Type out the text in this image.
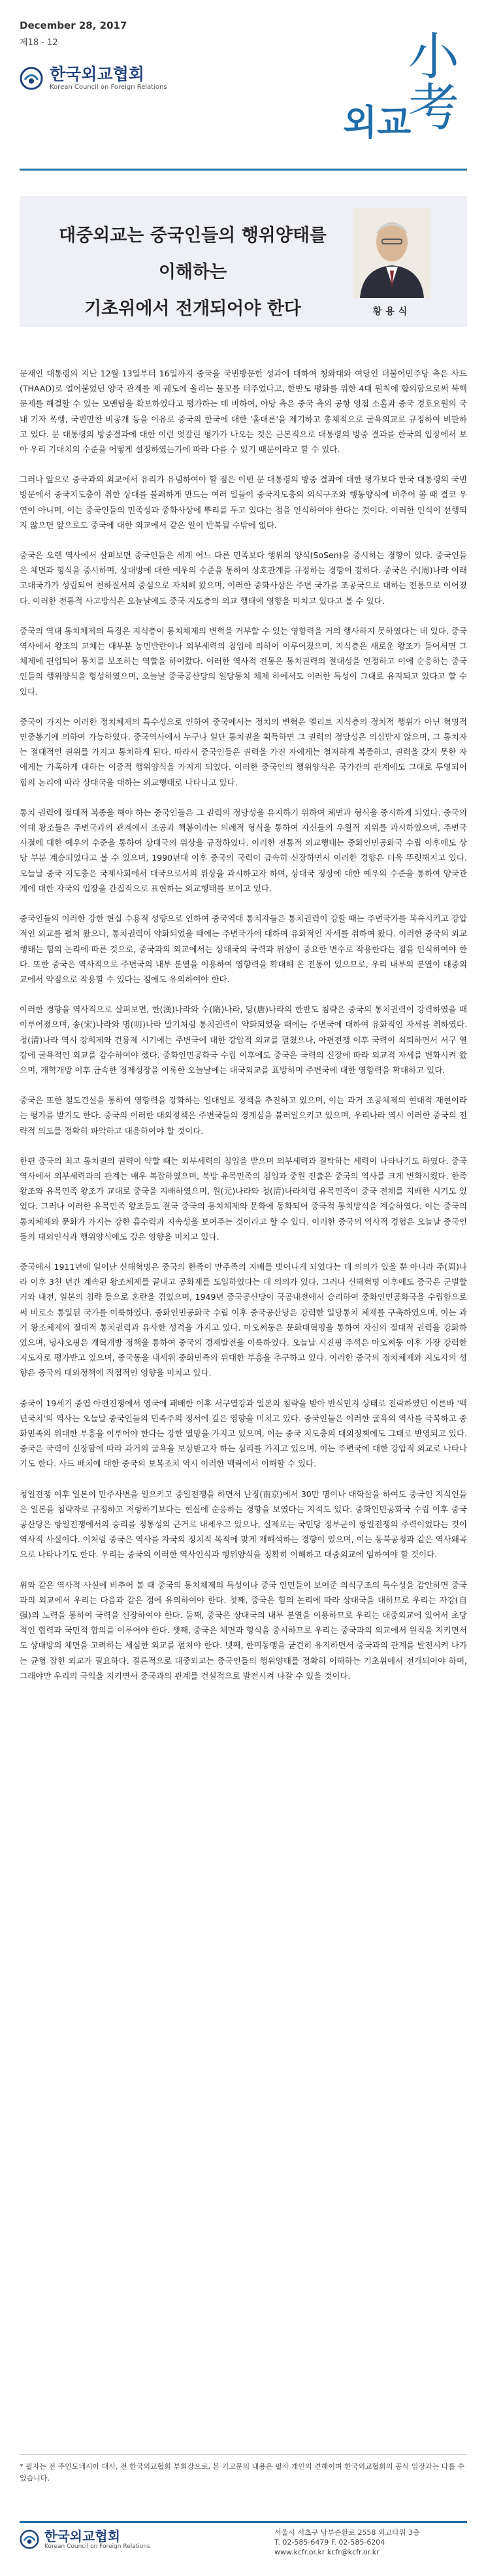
December 28, 2017
제18 - 12
한국외교협회
Korean Council on Foreign Relations
외교
小考
대중외교는 중국인들의 행위양태를 이해하는
기초위에서 전개되어야 한다	황용식

문재인 대통령의 지난 12월 13일부터 16일까지 중국을 국빈방문한 성과에 대하여 청와대와 여당인 더불어민주당 측은 사드(THAAD)로 얼어붙었던 양국 관계를 제 궤도에 올리는 물꼬를 터주었다고, 한반도 평화를 위한 4대 원칙에 합의함으로써 북핵 문제를 해결할 수 있는 모멘텀을 확보하였다고 평가하는 데 비하여, 야당 측은 중국 측의 공항 영접 소홀과 중국 경호요원의 국내 기자 폭행, 국빈만찬 비공개 등을 이유로 중국의 한국에 대한 '홀대론'을 제기하고 총체적으로 굴욕외교로 규정하여 비판하고 있다. 문 대통령의 방중결과에 대한 이런 엇갈린 평가가 나오는 것은 근본적으로 대통령의 방중 결과를 한국의 입장에서 보아 우리 기대치의 수준을 어떻게 설정하였는가에 따라 다를 수 있기 때문이라고 할 수 있다.

그러나 앞으로 중국과의 외교에서 유리가 유념하여야 할 점은 이번 문 대통령의 방중 결과에 대한 평가보다 한국 대통령의 국빈방문에서 중국지도층이 취한 상대를 불쾌하게 만드는 여러 일들이 중국지도층의 의식구조와 행동양식에 비추어 볼 때 결코 우연이 아니며, 이는 중국인들의 민족성과 중화사상에 뿌리를 두고 있다는 점을 인식하여야 한다는 것이다. 이러한 인식이 선행되지 않으면 앞으로도 중국에 대한 외교에서 같은 일이 반복될 수밖에 없다.

중국은 오랜 역사에서 살펴보면 중국인들은 세계 어느 다른 민족보다 행위의 양식(SoSen)을 중시하는 경향이 있다. 중국인들은 체면과 형식을 중시하며, 상대방에 대한 예우의 수준을 통하여 상호관계를 규정하는 경향이 강하다. 중국은 주(周)나라 이래 고대국가가 성립되어 천하질서의 중심으로 자처해 왔으며, 이러한 중화사상은 주변 국가를 조공국으로 대하는 전통으로 이어졌다. 이러한 전통적 사고방식은 오늘날에도 중국 지도층의 외교 행태에 영향을 미치고 있다고 볼 수 있다.

중국의 역대 통치체제의 특징은 지식층이 통치체제의 변혁을 거부할 수 있는 영향력을 거의 행사하지 못하였다는 데 있다. 중국역사에서 왕조의 교체는 대부분 농민반란이나 외부세력의 침입에 의하여 이루어졌으며, 지식층은 새로운 왕조가 들어서면 그 체제에 편입되어 통치를 보조하는 역할을 하여왔다. 이러한 역사적 전통은 통치권력의 절대성을 인정하고 이에 순응하는 중국인들의 행위양식을 형성하였으며, 오늘날 중국공산당의 일당통치 체제 하에서도 이러한 특성이 그대로 유지되고 있다고 할 수 있다.

중국이 가지는 이러한 정치체제의 특수성으로 인하여 중국에서는 정치의 변혁은 엘리트 지식층의 정치적 행위가 아닌 혁명적 민중봉기에 의하여 가능하였다. 중국역사에서 누구나 일단 통치권을 획득하면 그 권력의 정당성은 의심받지 않으며, 그 통치자는 절대적인 권위를 가지고 통치하게 된다. 따라서 중국인들은 권력을 가진 자에게는 철저하게 복종하고, 권력을 갖지 못한 자에게는 가혹하게 대하는 이중적 행위양식을 가지게 되었다. 이러한 중국인의 행위양식은 국가간의 관계에도 그대로 투영되어 힘의 논리에 따라 상대국을 대하는 외교행태로 나타나고 있다.

통치 권력에 절대적 복종을 해야 하는 중국인들은 그 권력의 정당성을 유지하기 위하여 체면과 형식을 중시하게 되었다. 중국의 역대 왕조들은 주변국과의 관계에서 조공과 책봉이라는 의례적 형식을 통하여 자신들의 우월적 지위를 과시하였으며, 주변국 사절에 대한 예우의 수준을 통하여 상대국의 위상을 규정하였다. 이러한 전통적 외교행태는 중화인민공화국 수립 이후에도 상당 부분 계승되었다고 볼 수 있으며, 1990년대 이후 중국의 국력이 급속히 신장하면서 이러한 경향은 더욱 뚜렷해지고 있다. 오늘날 중국 지도층은 국제사회에서 대국으로서의 위상을 과시하고자 하며, 상대국 정상에 대한 예우의 수준을 통하여 양국관계에 대한 자국의 입장을 간접적으로 표현하는 외교행태를 보이고 있다.

중국인들의 이러한 강한 현실 수용적 성향으로 인하여 중국역대 통치자들은 통치권력이 강할 때는 주변국가를 복속시키고 강압적인 외교를 펼쳐 왔으나, 통치권력이 약화되었을 때에는 주변국가에 대하여 유화적인 자세를 취하여 왔다. 이러한 중국의 외교행태는 힘의 논리에 따른 것으로, 중국과의 외교에서는 상대국의 국력과 위상이 중요한 변수로 작용한다는 점을 인식하여야 한다. 또한 중국은 역사적으로 주변국의 내부 분열을 이용하여 영향력을 확대해 온 전통이 있으므로, 우리 내부의 분열이 대중외교에서 약점으로 작용할 수 있다는 점에도 유의하여야 한다.

이러한 경향을 역사적으로 살펴보면, 한(漢)나라와 수(隋)나라, 당(唐)나라의 한반도 침략은 중국의 통치권력이 강력하였을 때 이루어졌으며, 송(宋)나라와 명(明)나라 말기처럼 통치권력이 약화되었을 때에는 주변국에 대하여 유화적인 자세를 취하였다. 청(淸)나라 역시 강희제와 건륭제 시기에는 주변국에 대한 강압적 외교를 펼쳤으나, 아편전쟁 이후 국력이 쇠퇴하면서 서구 열강에 굴욕적인 외교를 감수하여야 했다. 중화인민공화국 수립 이후에도 중국은 국력의 신장에 따라 외교적 자세를 변화시켜 왔으며, 개혁개방 이후 급속한 경제성장을 이룩한 오늘날에는 대국외교를 표방하며 주변국에 대한 영향력을 확대하고 있다.

중국은 또한 철도건설을 통하여 영향력을 강화하는 일대일로 정책을 추진하고 있으며, 이는 과거 조공체제의 현대적 재현이라는 평가를 받기도 한다. 중국의 이러한 대외정책은 주변국들의 경계심을 불러일으키고 있으며, 우리나라 역시 이러한 중국의 전략적 의도를 정확히 파악하고 대응하여야 할 것이다.

한편 중국의 최고 통치권의 권력이 약할 때는 외부세력의 침입을 받으며 외부세력과 결탁하는 세력이 나타나기도 하였다. 중국역사에서 외부세력과의 관계는 매우 복잡하였으며, 북방 유목민족의 침입과 중원 진출은 중국의 역사를 크게 변화시켰다. 한족왕조와 유목민족 왕조가 교대로 중국을 지배하였으며, 원(元)나라와 청(淸)나라처럼 유목민족이 중국 전체를 지배한 시기도 있었다. 그러나 이러한 유목민족 왕조들도 결국 중국의 통치체제와 문화에 동화되어 중국적 통치방식을 계승하였다. 이는 중국의 통치체제와 문화가 가지는 강한 흡수력과 지속성을 보여주는 것이라고 할 수 있다. 이러한 중국의 역사적 경험은 오늘날 중국인들의 대외인식과 행위양식에도 깊은 영향을 미치고 있다.

중국에서 1911년에 일어난 신해혁명은 중국의 한족이 만주족의 지배를 벗어나게 되었다는 데 의의가 있을 뿐 아니라 주(周)나라 이후 3천 년간 계속된 왕조체제를 끝내고 공화제를 도입하였다는 데 의의가 있다. 그러나 신해혁명 이후에도 중국은 군벌할거와 내전, 일본의 침략 등으로 혼란을 겪었으며, 1949년 중국공산당이 국공내전에서 승리하여 중화인민공화국을 수립함으로써 비로소 통일된 국가를 이룩하였다. 중화인민공화국 수립 이후 중국공산당은 강력한 일당통치 체제를 구축하였으며, 이는 과거 왕조체제의 절대적 통치권력과 유사한 성격을 가지고 있다. 마오쩌둥은 문화대혁명을 통하여 자신의 절대적 권력을 강화하였으며, 덩샤오핑은 개혁개방 정책을 통하여 중국의 경제발전을 이룩하였다. 오늘날 시진핑 주석은 마오쩌둥 이후 가장 강력한 지도자로 평가받고 있으며, 중국몽을 내세워 중화민족의 위대한 부흥을 추구하고 있다. 이러한 중국의 정치체제와 지도자의 성향은 중국의 대외정책에 직접적인 영향을 미치고 있다.

중국이 19세기 중엽 아편전쟁에서 영국에 패배한 이후 서구열강과 일본의 침략을 받아 반식민지 상태로 전락하였던 이른바 '백년국치'의 역사는 오늘날 중국인들의 민족주의 정서에 깊은 영향을 미치고 있다. 중국인들은 이러한 굴욕의 역사를 극복하고 중화민족의 위대한 부흥을 이루어야 한다는 강한 열망을 가지고 있으며, 이는 중국 지도층의 대외정책에도 그대로 반영되고 있다. 중국은 국력이 신장함에 따라 과거의 굴욕을 보상받고자 하는 심리를 가지고 있으며, 이는 주변국에 대한 강압적 외교로 나타나기도 한다. 사드 배치에 대한 중국의 보복조치 역시 이러한 맥락에서 이해할 수 있다.

청일전쟁 이후 일본이 만주사변을 일으키고 중일전쟁을 하면서 난징(南京)에서 30만 명이나 대학살을 하여도 중국인 지식인들은 일본을 침략자로 규정하고 저항하기보다는 현실에 순응하는 경향을 보였다는 지적도 있다. 중화인민공화국 수립 이후 중국공산당은 항일전쟁에서의 승리를 정통성의 근거로 내세우고 있으나, 실제로는 국민당 정부군이 항일전쟁의 주력이었다는 것이 역사적 사실이다. 이처럼 중국은 역사를 자국의 정치적 목적에 맞게 재해석하는 경향이 있으며, 이는 동북공정과 같은 역사왜곡으로 나타나기도 한다. 우리는 중국의 이러한 역사인식과 행위양식을 정확히 이해하고 대중외교에 임하여야 할 것이다.

위와 같은 역사적 사실에 비추어 볼 때 중국의 통치체제의 특성이나 중국 인민들이 보여준 의식구조의 특수성을 감안하면 중국과의 외교에서 우리는 다음과 같은 점에 유의하여야 한다. 첫째, 중국은 힘의 논리에 따라 상대국을 대하므로 우리는 자강(自强)의 노력을 통하여 국력을 신장하여야 한다. 둘째, 중국은 상대국의 내부 분열을 이용하므로 우리는 대중외교에 있어서 초당적인 협력과 국민적 합의를 이루어야 한다. 셋째, 중국은 체면과 형식을 중시하므로 우리는 중국과의 외교에서 원칙을 지키면서도 상대방의 체면을 고려하는 세심한 외교를 펼쳐야 한다. 넷째, 한미동맹을 굳건히 유지하면서 중국과의 관계를 발전시켜 나가는 균형 잡힌 외교가 필요하다. 결론적으로 대중외교는 중국인들의 행위양태를 정확히 이해하는 기초위에서 전개되어야 하며, 그래야만 우리의 국익을 지키면서 중국과의 관계를 건설적으로 발전시켜 나갈 수 있을 것이다.

* 필자는 전 주인도네시아 대사, 전 한국외교협회 부회장으로, 본 기고문의 내용은 필자 개인의 견해이며 한국외교협회의 공식 입장과는 다를 수 있습니다.
한국외교협회
Korean Council on Foreign Relations
서울시 서초구 남부순환로 2558 외교타워 3층
T. 02-585-6479 F. 02-585-6204
www.kcfr.or.kr kcfr@kcfr.or.kr
